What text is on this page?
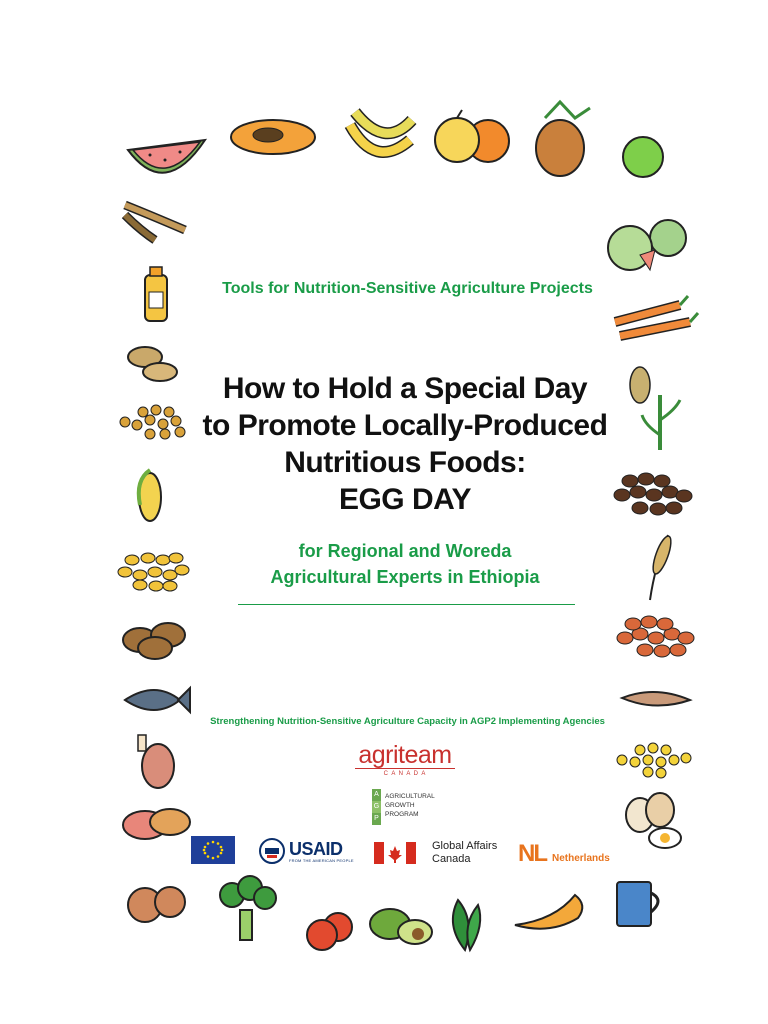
Tools for Nutrition-Sensitive Agriculture Projects
How to Hold a Special Day
to Promote Locally-Produced
Nutritious Foods:
EGG DAY
for Regional and Woreda
Agricultural Experts in Ethiopia
Strengthening Nutrition-Sensitive Agriculture Capacity in AGP2 Implementing Agencies
agriteam
C A N A D A
A
G
P
AGRICULTURAL
GROWTH
PROGRAM
USAID
FROM THE AMERICAN PEOPLE
Global Affairs
Canada	NL Netherlands
